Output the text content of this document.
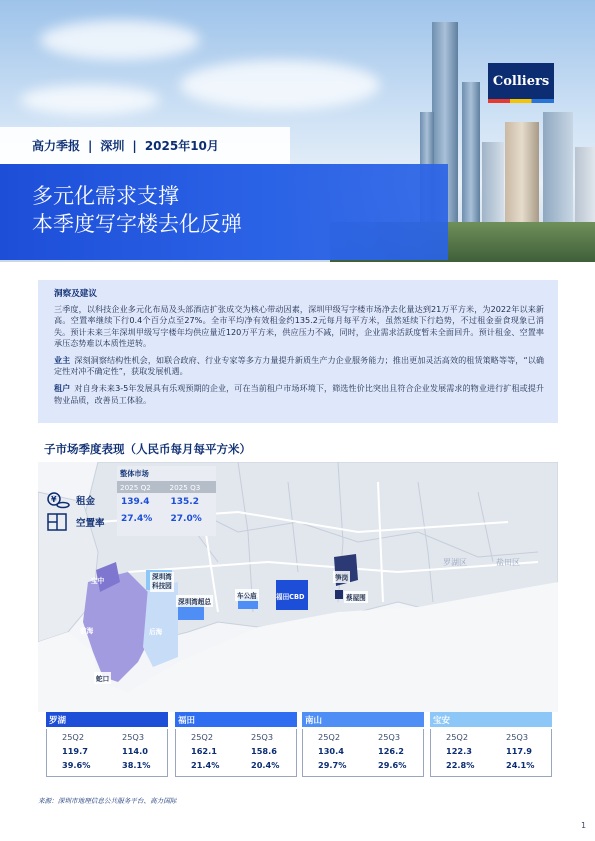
Colliers
高力季报 | 深圳 | 2025年10月
多元化需求支撑
本季度写字楼去化反弹
洞察及建议

三季度，以科技企业多元化布局及头部酒店扩张成交为核心带动因素，深圳甲级写字楼市场净去化量达到21万平方米，为2022年以来新高。空置率继续下行0.4个百分点至27%。全市平均净有效租金约135.2元每月每平方米，虽然延续下行趋势，不过租金蚕食现象已消失。预计未来三年深圳甲级写字楼年均供应量近120万平方米，供应压力不减，同时，企业需求活跃度暂未全面回升。预计租金、空置率承压态势难以本质性逆转。

业主 深刻洞察结构性机会，如联合政府、行业专家等多方力量提升新质生产力企业服务能力；推出更加灵活高效的租赁策略等等，“以确定性对冲不确定性”，获取发展机遇。

租户 对自身未来3-5年发展具有乐观预期的企业，可在当前租户市场环境下，筛选性价比突出且符合企业发展需求的物业进行扩租或提升物业品质，改善员工体验。

子市场季度表现（人民币每月每平方米）
罗湖区	盐田区
宝中
前海	后海
蛇口
深圳湾
科技园
深圳湾超总
车公庙	福田CBD
笋岗
蔡屋围
整体市场
2025 Q2	2025 Q3
139.4	135.2
27.4%	27.0%
¥ 租金
空置率
罗湖
25Q2	25Q3
119.7	114.0
39.6%	38.1%
福田
25Q2	25Q3
162.1	158.6
21.4%	20.4%
南山
25Q2	25Q3
130.4	126.2
29.7%	29.6%
宝安
25Q2	25Q3
122.3	117.9
22.8%	24.1%
来源：深圳市地理信息公共服务平台、高力国际
1
